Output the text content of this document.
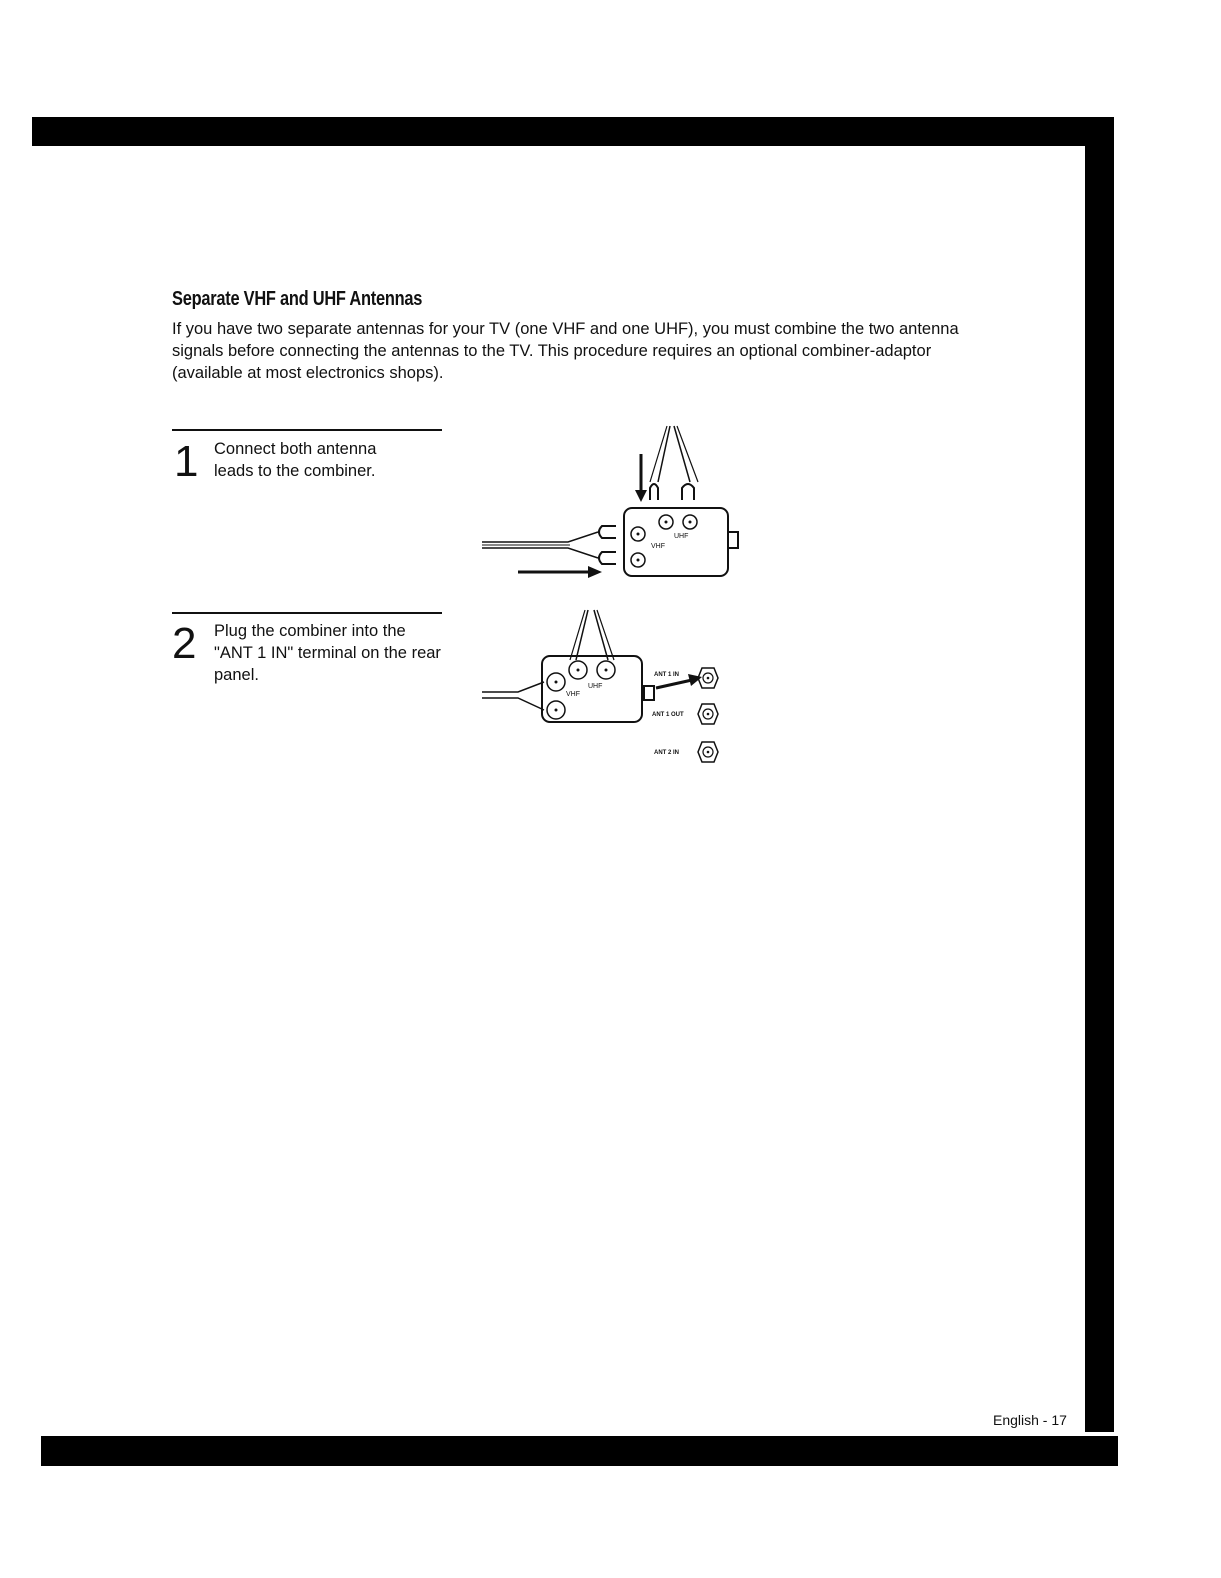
Separate VHF and UHF Antennas

If you have two separate antennas for your TV (one VHF and one UHF), you must combine the two antenna signals before connecting the antennas to the TV. This procedure requires an optional combiner-adaptor (available at most electronics shops).

1 Connect both antenna leads to the combiner.

VHF
UHF
2 Plug the combiner into the "ANT 1 IN" terminal on the rear panel.

VHF
UHF
ANT 1 IN
ANT 1 OUT
ANT 2 IN
English - 17
